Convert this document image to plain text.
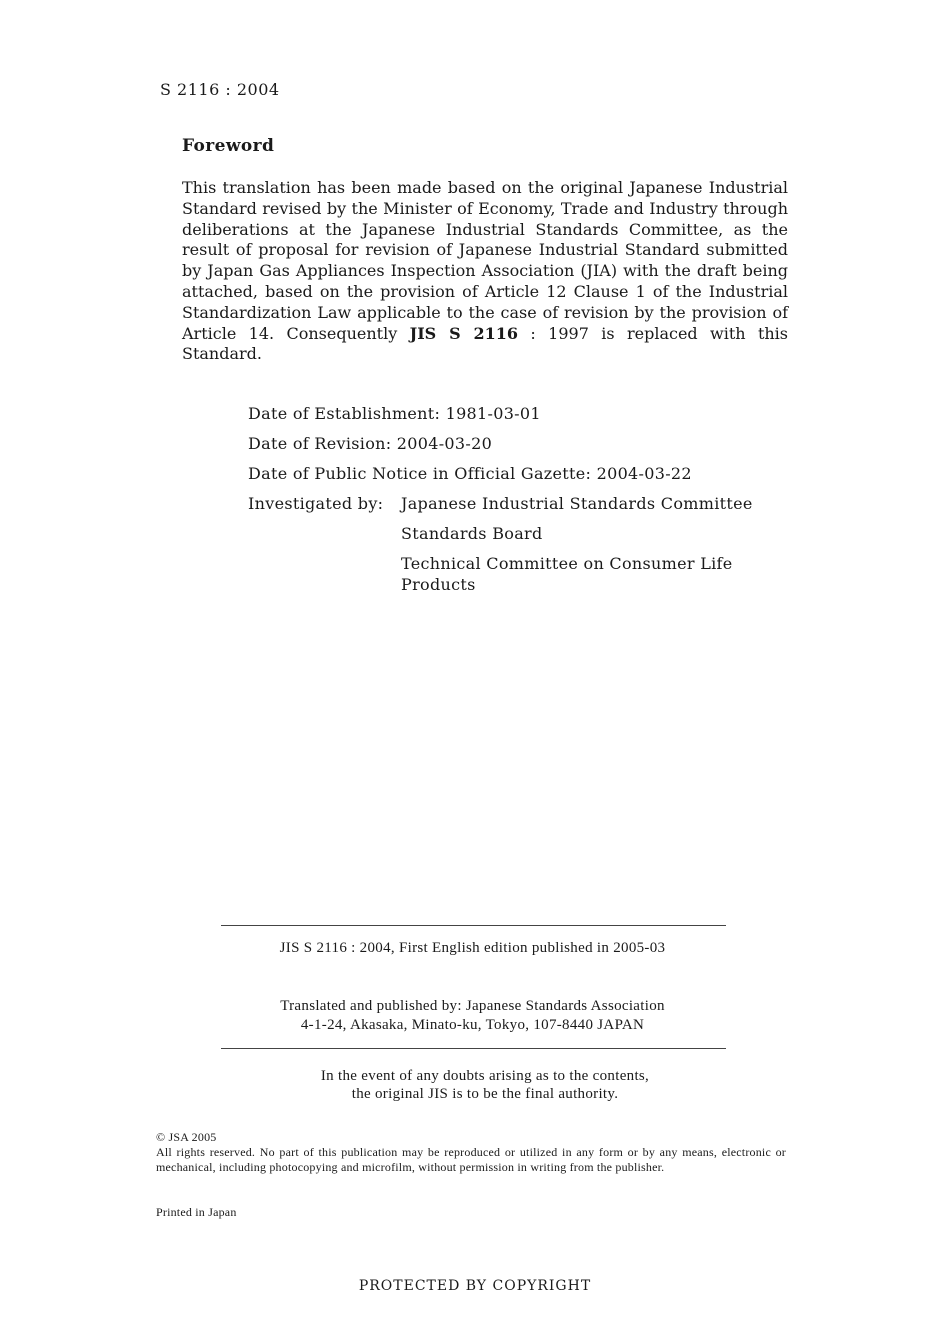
S 2116 : 2004
Foreword
This translation has been made based on the original Japanese Industrial Standard revised by the Minister of Economy, Trade and Industry through deliberations at the Japanese Industrial Standards Committee, as the result of proposal for revision of Japanese Industrial Standard submitted by Japan Gas Appliances Inspection Association (JIA) with the draft being attached, based on the provision of Article 12 Clause 1 of the Industrial Standardization Law applicable to the case of revision by the provision of Article 14. Consequently JIS S 2116 : 1997 is replaced with this Standard.
Date of Establishment: 1981-03-01
Date of Revision: 2004-03-20
Date of Public Notice in Official Gazette: 2004-03-22
Investigated by: Japanese Industrial Standards Committee
Standards Board
Technical Committee on Consumer Life Products
JIS S 2116 : 2004, First English edition published in 2005-03
Translated and published by: Japanese Standards Association
4-1-24, Akasaka, Minato-ku, Tokyo, 107-8440 JAPAN
In the event of any doubts arising as to the contents,
the original JIS is to be the final authority.
© JSA 2005
All rights reserved. No part of this publication may be reproduced or utilized in any form or by any means, electronic or mechanical, including photocopying and microfilm, without permission in writing from the publisher.
Printed in Japan
PROTECTED BY COPYRIGHT
